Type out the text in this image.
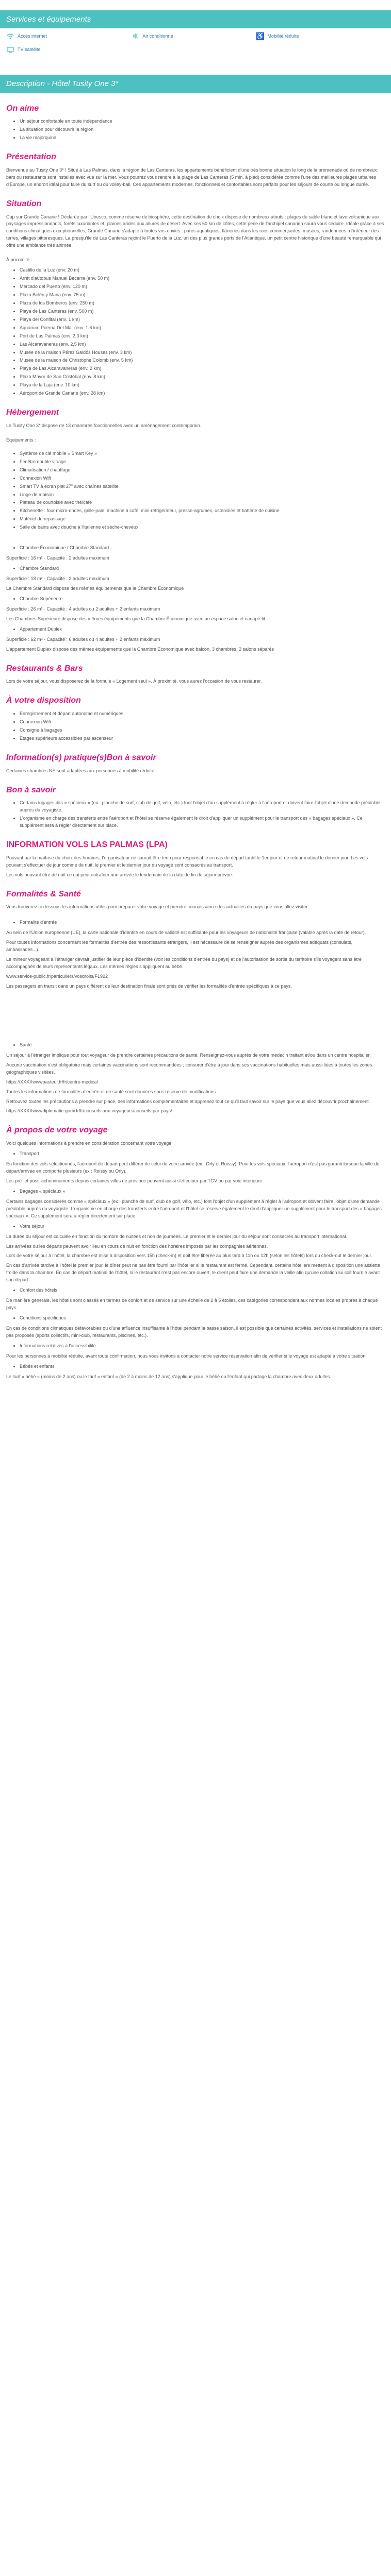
Services et équipements
Accès internet	❄ Air conditionné	♿ Mobilité réduite
TV satellite
Description - Hôtel Tusity One 3*
On aime
• Un séjour confortable en toute indépendance
• La situation pour découvrir la région
• La vie majorquine
Présentation

Bienvenue au Tusity One 3* ! Situé à Las Palmas, dans la région de Las Canteras, les appartements bénéficient d'une très bonne situation le long de la promenade où de nombreux bars ou restaurants sont installés avec vue sur la mer. Vous pourrez vous rendre à la plage de Las Canteras (5 min. à pied) considérée comme l'une des meilleures plages urbaines d'Europe, un endroit idéal pour faire du surf ou du volley-ball. Ces appartements modernes, fonctionnels et confortables sont parfaits pour les séjours de courte ou longue durée.

Situation

Cap sur Grande Canarie ! Déclarée par l'Unesco, comme réserve de biosphère, cette destination de choix dispose de nombreux atouts : plages de sable blanc et lave volcanique aux paysages impressionnants, forêts luxuriantes et, plaines arides aux allures de désert. Avec ses 60 km de côtes, cette perle de l'archipel canarien saura vous séduire. Idéale grâce à ses conditions climatiques exceptionnelles, Grande Canarie s'adapte à toutes vos envies : parcs aquatiques, flâneries dans les rues commerçantes, musées, randonnées à l'intérieur des terres, villages pittoresques. La presqu'île de Las Canteras rejoint le Puerto de la Luz, un des plus grands ports de l'Atlantique, un petit centre historique d'une beauté remarquable qui offre une ambiance très animée.

À proximité :

• Castillo de la Luz (env. 20 m)
• Arrêt d'autobus Manuel Becerra (env. 50 m)
• Mercado del Puerto (env. 120 m)
• Plaza Belén y Maria (env. 75 m)
• Plaza de los Bomberos (env. 250 m)
• Playa de Las Canteras (env. 500 m)
• Playa del Confital (env. 1 km)
• Aquarium Poema Del Mar (env. 1,6 km)
• Port de Las Palmas (env. 2,3 km)
• Las Alcaravaneras (env. 2,5 km)
• Musée de la maison Pérez Galdós Houses (env. 3 km)
• Musée de la maison de Christophe Colomb (env. 5 km)
• Playa de Las Alcaravaneras (env. 2 km)
• Plaza Mayor de San Cristóbal (env. 8 km)
• Playa de la Laja (env. 10 km)
• Aéroport de Grande Canarie (env. 28 km)
Hébergement

Le Tusity One 3* dispose de 13 chambres fonctionnelles avec un aménagement contemporain.

Équipements :

• Système de clé mobile « Smart Key »
• Fenêtre double vitrage
• Climatisation / chauffage
• Connexion Wifi
• Smart TV à écran plat 27" avec chaînes satellite
• Linge de maison
• Plateau de courtoisie avec thé/café
• Kitchenette : four micro-ondes, grille-pain, machine à café, mini-réfrigérateur, presse-agrumes, ustensiles et batterie de cuisine
• Matériel de repassage
• Salle de bains avec douche à l'italienne et sèche-cheveux
• Chambre Économique / Chambre Standard

Superficie : 16 m² - Capacité : 2 adultes maximum

• Chambre Standard

Superficie : 18 m² - Capacité : 2 adultes maximum

La Chambre Standard dispose des mêmes équipements que la Chambre Économique

• Chambre Supérieure

Superficie : 26 m² - Capacité : 4 adultes ou 2 adultes + 2 enfants maximum

Les Chambres Supérieure dispose des mêmes équipements que la Chambre Économique avec un espace salon et canapé-lit.

• Appartement Duplex

Superficie : 62 m² - Capacité : 6 adultes ou 4 adultes + 2 enfants maximum

L'appartement Duplex dispose des mêmes équipements que la Chambre Économique avec balcon, 3 chambres, 2 salons séparés

Restaurants & Bars

Lors de votre séjour, vous disposerez de la formule « Logement seul ». À proximité, vous aurez l'occasion de vous restaurer.

À votre disposition
• Enregistrement et départ autonome et numériques
• Connexion Wifi
• Consigne à bagages
• Étages supérieurs accessibles par ascenseur
Information(s) pratique(s)Bon à savoir

Certaines chambres NE sont adaptées aux personnes à mobilité réduite.

Bon à savoir
• Certains logages dits « spécieux » (ex : planche de surf, club de golf, vélo, etc.) font l'objet d'un supplément à régler à l'aéroport et doivent faire l'objet d'une demande préalable auprès du voyagiste.
• L'organisme en charge des transferts entre l'aéroport et l'hôtel se réserve également le droit d'appliquer un supplément pour le transport des « bagages spéciaux ». Ce supplément sera à régler directement sur place.
INFORMATION VOLS LAS PALMAS (LPA)

Pouvant par la maîtrise du choix des horaires, l'organisateur ne saurait être tenu pour responsable en cas de départ tardif le 1er jour et de retour matinal le dernier jour. Les vols pouvant s'effectuer de jour comme de nuit, le premier et le dernier jour du voyage sont consacrés au transport.

Les vols pouvant être de nuit ce qui peut entraîner une arrivée le lendemain de la date de fin de séjour prévue.

Formalités & Santé

Vous trouverez ci-dessous les informations utiles pour préparer votre voyage et prendre connaissance des actualités du pays que vous allez visiter.

• Formalité d'entrée

Au sein de l'Union européenne (UE), la carte nationale d'identité en cours de validité est suffisante pour les voyageurs de nationalité française (valable après la date de retour).

Pour toutes informations concernant les formalités d'entrée des ressortissants étrangers, il est nécessaire de se renseigner auprès des organismes adéquats (consulats, ambassades...).

Le mineur voyageant à l'étranger devrait justifier de leur pièce d'identité (voir les conditions d'entrée du pays) et de l'autorisation de sortie du territoire s'ils voyagent sans être accompagnés de leurs représentants légaux. Les mêmes règles s'appliquent au bébé.

www.service-public.fr/particuliers/vosdroits/F1922

Les passagers en transit dans un pays différent de leur destination finale sont priés de vérifier les formalités d'entrée spécifiques à ce pays.

• Santé

Un séjour à l'étranger implique pour tout voyageur de prendre certaines précautions de santé. Renseignez-vous auprès de votre médecin traitant et/ou dans un centre hospitalier.

Aucune vaccination n'est obligatoire mais certaines vaccinations sont recommandées ; consurer d'être à jour dans ses vaccinations habituelles mais aussi liées à toutes les zones géographiques visitées.

https://XXXXwwwpasteur.fr/fr/centre-medical

Toutes les informations de formalités d'entrée et de santé sont données sous réserve de modifications.

Retrouvez toutes les précautions à prendre sur place, des informations complémentaires et apprenez tout ce qu'il faut savoir sur le pays que vous allez découvrir prochainement.

https://XXXXwwwdiplomatie.gouv.fr/fr/conseils-aux-voyageurs/conseils-par-pays/

À propos de votre voyage

Voici quelques informations à prendre en considération concernant votre voyage.

• Transport

En fonction des vols sélectionnés, l'aéroport de départ peut différer de celui de votre arrivée (ex : Orly et Roissy). Pour les vols spéciaux, l'aéroport n'est pas garanti lorsque la ville de départ/arrivée en comporte plusieurs (ex : Roissy ou Orly).

Les pré- et post- acheminements depuis certaines villes de province peuvent aussi s'effectuer par TGV ou par voie intérieure.

• Bagages « spéciaux »

Certains bagages considérés comme « spéciaux » (ex : planche de surf, club de golf, vélo, etc.) font l'objet d'un supplément à régler à l'aéroport et doivent faire l'objet d'une demande préalable auprès du voyagiste. L'organisme en charge des transferts entre l'aéroport et l'hôtel se réserve également le droit d'appliquer un supplément pour le transport des « bagages spéciaux ». Ce supplément sera à régler directement sur place.

• Votre séjour

La durée du séjour est calculée en fonction du nombre de nuitées et non de journées. Le premier et le dernier jour du séjour sont consacrés au transport international.

Les arrivées ou les départs peuvent avoir lieu en cours de nuit en fonction des horaires imposés par les compagnies aériennes.

Lors de votre séjour à l'hôtel, la chambre est mise à disposition vers 15h (check-in) et doit être libérée au plus tard à 11h ou 12h (selon les hôtels) lors du check-out le dernier jour.

En cas d'arrivée tardive à l'hôtel le premier jour, le dîner peut ne pas être fourni par l'hôtelier si le restaurant est fermé. Cependant, certains hôteliers mettent à disposition une assiette froide dans la chambre. En cas de départ matinal de l'hôtel, si le restaurant n'est pas encore ouvert, le client peut faire une demande la veille afin qu'une collation lui soit fournie avant son départ.

• Confort des hôtels

De manière générale, les hôtels sont classés en termes de confort et de service sur une échelle de 2 à 5 étoiles, ces catégories correspondant aux normes locales propres à chaque pays.

• Conditions spécifiques

En cas de conditions climatiques défavorables ou d'une affluence insuffisante à l'hôtel pendant la basse saison, il est possible que certaines activités, services et installations ne soient pas proposés (sports collectifs, mini-club, restaurants, piscines, etc.).

• Informations relatives à l'accessibilité

Pour les personnes à mobilité réduite, avant toute confirmation, nous vous invitons à contacter notre service réservation afin de vérifier si le voyage est adapté à votre situation.

• Bébés et enfants

Le tarif « bébé » (moins de 2 ans) ou le tarif « enfant » (de 2 à moins de 12 ans) s'applique pour le bébé ou l'enfant qui partage la chambre avec deux adultes.
